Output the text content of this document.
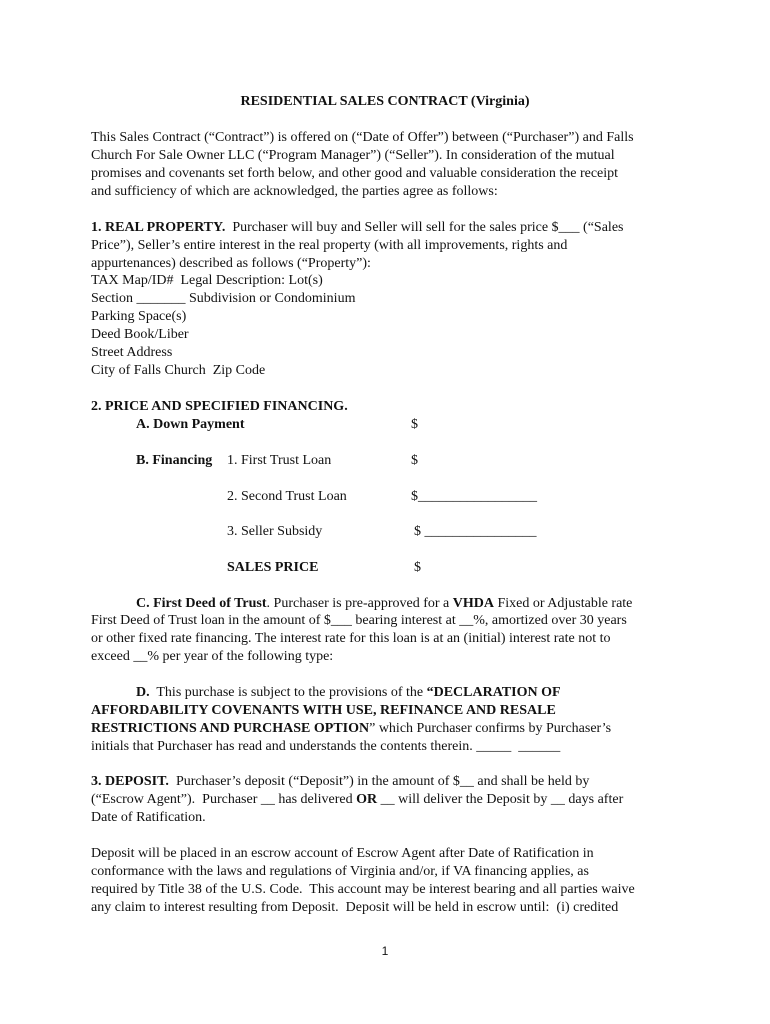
RESIDENTIAL SALES CONTRACT (Virginia)
This Sales Contract (“Contract”) is offered on (“Date of Offer”) between (“Purchaser”) and Falls
Church For Sale Owner LLC (“Program Manager”) (“Seller”). In consideration of the mutual
promises and covenants set forth below, and other good and valuable consideration the receipt
and sufficiency of which are acknowledged, the parties agree as follows:
1. REAL PROPERTY.  Purchaser will buy and Seller will sell for the sales price $___ (“Sales
Price”), Seller’s entire interest in the real property (with all improvements, rights and
appurtenances) described as follows (“Property”):
TAX Map/ID#  Legal Description: Lot(s)
Section _______ Subdivision or Condominium
Parking Space(s)
Deed Book/Liber
Street Address
City of Falls Church  Zip Code
2. PRICE AND SPECIFIED FINANCING.
A. Down Payment	$
B. Financing 1. First Trust Loan	$
2. Second Trust Loan	$_________________
3. Seller Subsidy	$ ________________
SALES PRICE	$
C. First Deed of Trust. Purchaser is pre-approved for a VHDA Fixed or Adjustable rate
First Deed of Trust loan in the amount of $___ bearing interest at __%, amortized over 30 years
or other fixed rate financing. The interest rate for this loan is at an (initial) interest rate not to
exceed __% per year of the following type:
D.  This purchase is subject to the provisions of the “DECLARATION OF
AFFORDABILITY COVENANTS WITH USE, REFINANCE AND RESALE
RESTRICTIONS AND PURCHASE OPTION” which Purchaser confirms by Purchaser’s
initials that Purchaser has read and understands the contents therein. _____  ______
3. DEPOSIT.  Purchaser’s deposit (“Deposit”) in the amount of $__ and shall be held by
(“Escrow Agent”).  Purchaser __ has delivered OR __ will deliver the Deposit by __ days after
Date of Ratification.
Deposit will be placed in an escrow account of Escrow Agent after Date of Ratification in
conformance with the laws and regulations of Virginia and/or, if VA financing applies, as
required by Title 38 of the U.S. Code.  This account may be interest bearing and all parties waive
any claim to interest resulting from Deposit.  Deposit will be held in escrow until:  (i) credited
1
